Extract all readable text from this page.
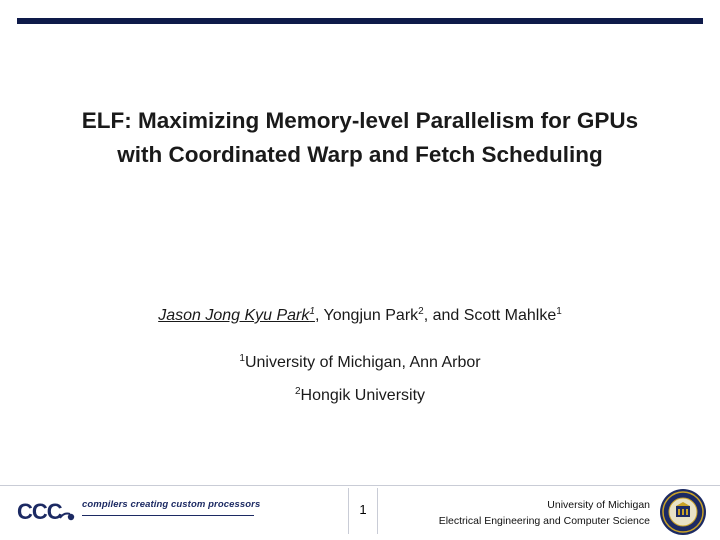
ELF: Maximizing Memory-level Parallelism for GPUs
with Coordinated Warp and Fetch Scheduling
Jason Jong Kyu Park$^1$, Yongjun Park$^2$, and Scott Mahlke$^1$
$^1$University of Michigan, Ann Arbor
$^2$Hongik University
CCC compilers creating custom processors	1	University of Michigan
Electrical Engineering and Computer Science
